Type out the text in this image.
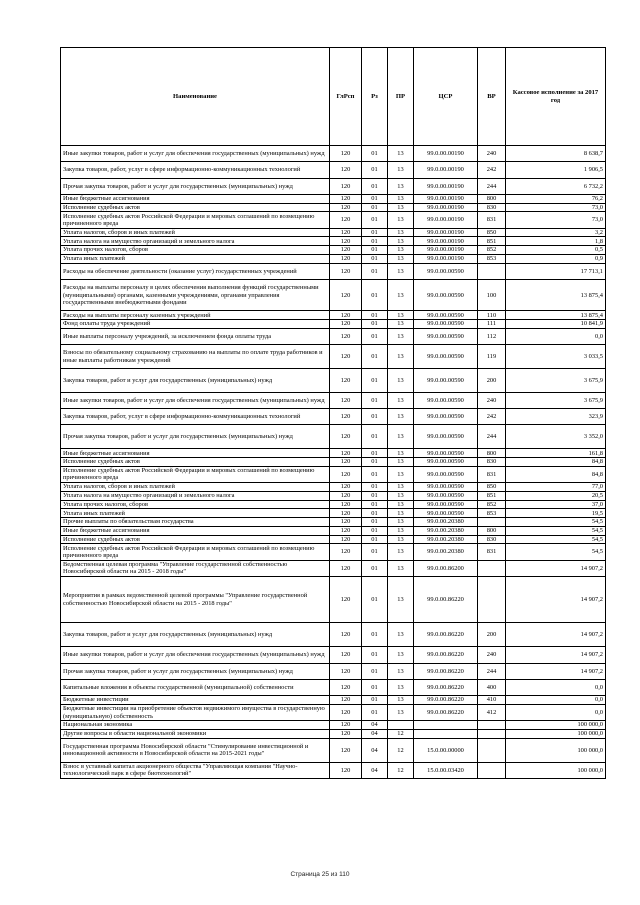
Наименование	ГлРсп	Рз	ПР	ЦСР	ВР	Кассовое исполнение за 2017 год
Иные закупки товаров, работ и услуг для обеспечения государственных (муниципальных) нужд	120	01	13	99.0.00.00190	240	8 638,7
Закупка товаров, работ, услуг в сфере информационно-коммуникационных технологий	120	01	13	99.0.00.00190	242	1 906,5
Прочая закупка товаров, работ и услуг для государственных (муниципальных) нужд	120	01	13	99.0.00.00190	244	6 732,2
Иные бюджетные ассигнования	120	01	13	99.0.00.00190	800	76,2
Исполнение судебных актов	120	01	13	99.0.00.00190	830	73,0
Исполнение судебных актов Российской Федерации и мировых соглашений по возмещению причиненного вреда	120	01	13	99.0.00.00190	831	73,0
Уплата налогов, сборов и иных платежей	120	01	13	99.0.00.00190	850	3,2
Уплата налога на имущество организаций и земельного налога	120	01	13	99.0.00.00190	851	1,8
Уплата прочих налогов, сборов	120	01	13	99.0.00.00190	852	0,5
Уплата иных платежей	120	01	13	99.0.00.00190	853	0,9
Расходы на обеспечение деятельности (оказание услуг) государственных учреждений	120	01	13	99.0.00.00590		17 713,1
Расходы на выплаты персоналу в целях обеспечения выполнения функций государственными (муниципальными) органами, казенными учреждениями, органами управления государственными внебюджетными фондами	120	01	13	99.0.00.00590	100	13 875,4
Расходы на выплаты персоналу казенных учреждений	120	01	13	99.0.00.00590	110	13 875,4
Фонд оплаты труда учреждений	120	01	13	99.0.00.00590	111	10 841,9
Иные выплаты персоналу учреждений, за исключением фонда оплаты труда	120	01	13	99.0.00.00590	112	0,0
Взносы по обязательному социальному страхованию на выплаты по оплате труда работников и иные выплаты работникам учреждений	120	01	13	99.0.00.00590	119	3 033,5
Закупка товаров, работ и услуг для государственных (муниципальных) нужд	120	01	13	99.0.00.00590	200	3 675,9
Иные закупки товаров, работ и услуг для обеспечения государственных (муниципальных) нужд	120	01	13	99.0.00.00590	240	3 675,9
Закупка товаров, работ, услуг в сфере информационно-коммуникационных технологий	120	01	13	99.0.00.00590	242	323,9
Прочая закупка товаров, работ и услуг для государственных (муниципальных) нужд	120	01	13	99.0.00.00590	244	3 352,0
Иные бюджетные ассигнования	120	01	13	99.0.00.00590	800	161,8
Исполнение судебных актов	120	01	13	99.0.00.00590	830	84,8
Исполнение судебных актов Российской Федерации и мировых соглашений по возмещению причиненного вреда	120	01	13	99.0.00.00590	831	84,8
Уплата налогов, сборов и иных платежей	120	01	13	99.0.00.00590	850	77,0
Уплата налога на имущество организаций и земельного налога	120	01	13	99.0.00.00590	851	20,5
Уплата прочих налогов, сборов	120	01	13	99.0.00.00590	852	37,0
Уплата иных платежей	120	01	13	99.0.00.00590	853	19,5
Прочие выплаты по обязательствам государства	120	01	13	99.0.00.20380		54,5
Иные бюджетные ассигнования	120	01	13	99.0.00.20380	800	54,5
Исполнение судебных актов	120	01	13	99.0.00.20380	830	54,5
Исполнение судебных актов Российской Федерации и мировых соглашений по возмещению причиненного вреда	120	01	13	99.0.00.20380	831	54,5
Ведомственная целевая программа "Управление государственной собственностью Новосибирской области на 2015 - 2018 годы"	120	01	13	99.0.00.86200		14 907,2
Мероприятия в рамках ведомственной целевой программы "Управление государственной собственностью Новосибирской области на 2015 - 2018 годы"	120	01	13	99.0.00.86220		14 907,2
Закупка товаров, работ и услуг для государственных (муниципальных) нужд	120	01	13	99.0.00.86220	200	14 907,2
Иные закупки товаров, работ и услуг для обеспечения государственных (муниципальных) нужд	120	01	13	99.0.00.86220	240	14 907,2
Прочая закупка товаров, работ и услуг для государственных (муниципальных) нужд	120	01	13	99.0.00.86220	244	14 907,2
Капитальные вложения в объекты государственной (муниципальной) собственности	120	01	13	99.0.00.86220	400	0,0
Бюджетные инвестиции	120	01	13	99.0.00.86220	410	0,0
Бюджетные инвестиции на приобретение объектов недвижимого имущества в государственную (муниципальную) собственность	120	01	13	99.0.00.86220	412	0,0
Национальная экономика	120	04				100 000,0
Другие вопросы в области национальной экономики	120	04	12			100 000,0
Государственная программа Новосибирской области "Стимулирование инвестиционной и инновационной активности в Новосибирской области на 2015-2021 годы"	120	04	12	15.0.00.00000		100 000,0
Взнос в уставный капитал акционерного общества "Управляющая компания "Научно-технологический парк в сфере биотехнологий"	120	04	12	15.0.00.03420		100 000,0
Страница 25 из 110
